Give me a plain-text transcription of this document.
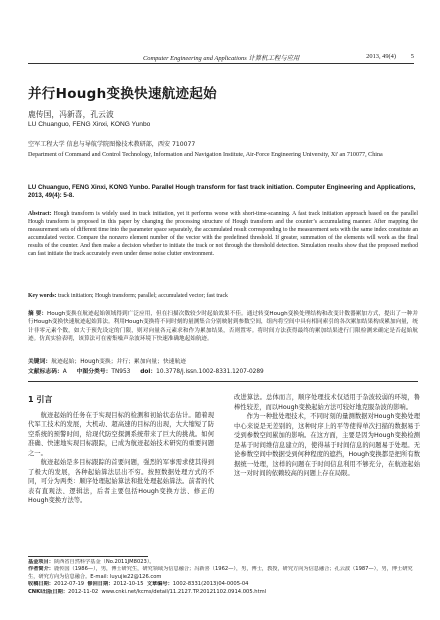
Computer Engineering and Applications 计算机工程与应用	2013, 49(4) 5
并行Hough变换快速航迹起始
鹿传国，冯新喜，孔云波
LU Chuanguo, FENG Xinxi, KONG Yunbo
空军工程大学 信息与导航学院图像技术教研部，西安 710077
Department of Command and Control Technology, Information and Navigation Institute, Air-Force Engineering University, Xi' an 710077, China
LU Chuanguo, FENG Xinxi, KONG Yunbo. Parallel Hough transform for fast track initiation. Computer Engineering and Applications, 2013, 49(4): 5-8.
Abstract: Hough transform is widely used in track initiation, yet it performs worse with short-time-scanning. A fast track initiation approach based on the parallel Hough transform is proposed in this paper by changing the processing structure of Hough transform and the counter’s accumulating manner. After mapping the measurement sets of different time into the parameter space separately, the accumulated result corresponding to the measurement sets with the same index constitute an accumulated vector. Compare the nonzero element number of the vector with the predefined threshold. If greater, summation of the elements will work as the final results of the counter. And then make a decision whether to initiate the track or not through the threshold detection. Simulation results show that the proposed method can fast initiate the track accurately even under dense noise clutter environment.
Key words: track initiation; Hough transform; parallel; accumulated vector; fast track
摘 要：Hough变换在航迹起始领域得到广泛应用，但在扫描次数较少时起始效果不佳。通过转变Hough变换处理结构和改变计数器累加方式，提出了一种并行Hough变换快速航迹起始算法。利用Hough变换将不同时刻的量测集合分别映射到参数空间，组内将空间中具有相同索引的各次累加结果构成累加向量，统计非零元素个数，如大于预先设定的门限，则对向量各元素求和作为累加结果，否则置零。将时间方法获得最终的累加结果进行门限检测来确定是否起始航迹。仿真实验表明，该算法可在密集噪声杂波环境下快速准确地起始航迹。
关键词：航迹起始；Hough变换；并行；累加向量；快速航迹
文献标志码：A 中图分类号：TN953 doi：10.3778/j.issn.1002-8331.1207-0289
1 引言

航迹起始的任务在于实现目标的检测和初始状态估计。随着现代军工技术的发展，大机动、超高速的目标的出现，大大缩短了防空系统的预警时间，给现代防空探测系统带来了巨大的挑战。如何准确、快速地实现目标跟踪，已成为航迹起始技术研究的重要问题之一。

航迹起始是多目标跟踪的首要问题，强烈的军事需求使其得到了极大的发展，各种起始算法层出不穷。按照数据处理方式的不同，可分为两类：顺序处理起始算法和批处理起始算法。前者的代表有直观法、逻辑法，后者主要包括Hough变换方法、修正的Hough变换方法等。

改进算法。总体而言，顺序处理技术仅适用于杂波较弱的环境，鲁棒性较差，而以Hough变换起始方法可较好地克服杂波的影响。

作为一种批处理技术，不同时刻的量测数据对Hough变换处理中心来说是无差别的，这种时序上的平等使得单次扫描的数据易于受到参数空间累加的影响。在这方面，主要是因为Hough变换检测是基于时间维信息建立的，使得基于时间信息的问题易于处理。无论参数空间中数据受到何种程度的遮挡，Hough变换都是把所有数据统一处理，这样的问题在于时间信息利用不够充分，在航迹起始这一对时间的依赖较高的问题上存在局限。

基金项目：陕西省自然科学基金（No.2011JM8023）。
作者简介：鹿传国（1986—），男，博士研究生，研究领域为信息融合；冯新喜（1962—），男，博士，教授，研究方向为信息融合；孔云波（1987—），男，博士研究生，研究方向为信息融合。E-mail: luyujie22@126.com
收稿日期：2012-07-19 修回日期：2012-10-15 文章编号：1002-8331(2013)04-0005-04
CNKI出版日期：2012-11-02 www.cnki.net/kcms/detail/11.2127.TP.20121102.0914.005.html
